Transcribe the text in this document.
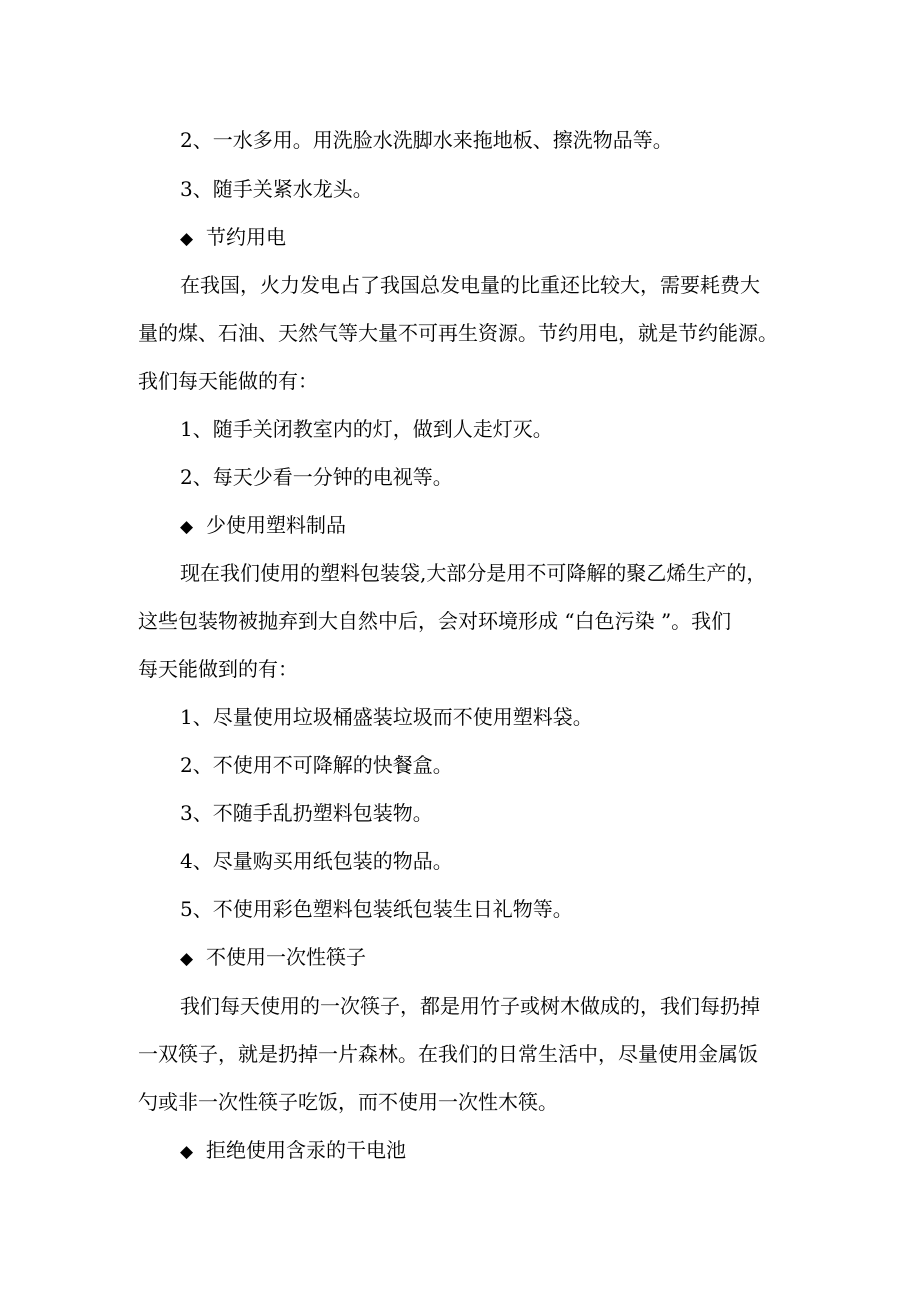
2、一水多用。用洗脸水洗脚水来拖地板、擦洗物品等。
3、随手关紧水龙头。
◆ 节约用电
在我国，火力发电占了我国总发电量的比重还比较大，需要耗费大
量的煤、石油、天然气等大量不可再生资源。节约用电，就是节约能源。
我们每天能做的有：
1、随手关闭教室内的灯，做到人走灯灭。
2、每天少看一分钟的电视等。
◆ 少使用塑料制品
现在我们使用的塑料包装袋,大部分是用不可降解的聚乙烯生产的，
这些包装物被抛弃到大自然中后，会对环境形成 “白色污染 ”。我们
每天能做到的有：
1、尽量使用垃圾桶盛装垃圾而不使用塑料袋。
2、不使用不可降解的快餐盒。
3、不随手乱扔塑料包装物。
4、尽量购买用纸包装的物品。
5、不使用彩色塑料包装纸包装生日礼物等。
◆ 不使用一次性筷子
我们每天使用的一次筷子，都是用竹子或树木做成的，我们每扔掉
一双筷子，就是扔掉一片森林。在我们的日常生活中，尽量使用金属饭
勺或非一次性筷子吃饭，而不使用一次性木筷。
◆ 拒绝使用含汞的干电池
